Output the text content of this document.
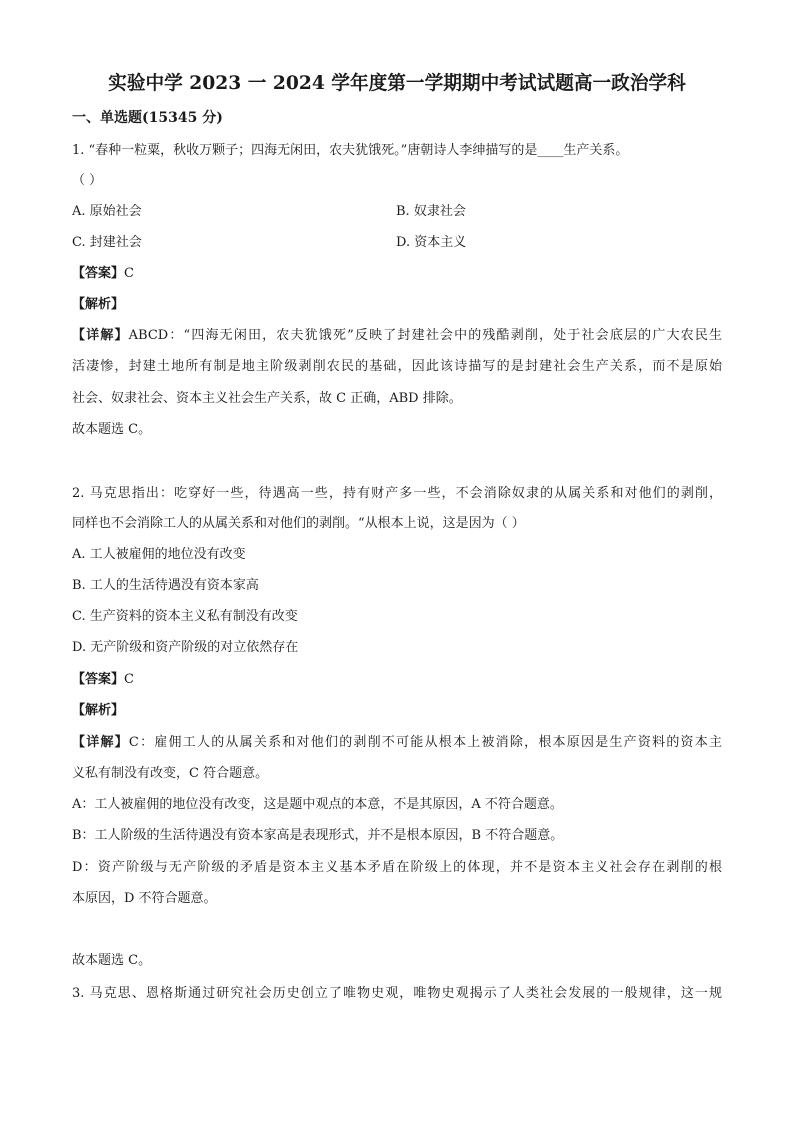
实验中学 2023 一 2024 学年度第一学期期中考试试题高一政治学科
一、单选题(15345 分)
1. “春种一粒粟，秋收万颗子；四海无闲田，农夫犹饿死。”唐朝诗人李绅描写的是____生产关系。
（ ）
A. 原始社会	B. 奴隶社会
C. 封建社会	D. 资本主义
【答案】C
【解析】
【详解】ABCD：“四海无闲田，农夫犹饿死”反映了封建社会中的残酷剥削，处于社会底层的广大农民生
活凄惨，封建土地所有制是地主阶级剥削农民的基础，因此该诗描写的是封建社会生产关系，而不是原始
社会、奴隶社会、资本主义社会生产关系，故 C 正确，ABD 排除。
故本题选 C。
2. 马克思指出：吃穿好一些，待遇高一些，持有财产多一些，不会消除奴隶的从属关系和对他们的剥削，
同样也不会消除工人的从属关系和对他们的剥削。“从根本上说，这是因为（ ）
A. 工人被雇佣的地位没有改变
B. 工人的生活待遇没有资本家高
C. 生产资料的资本主义私有制没有改变
D. 无产阶级和资产阶级的对立依然存在
【答案】C
【解析】
【详解】C：雇佣工人的从属关系和对他们的剥削不可能从根本上被消除，根本原因是生产资料的资本主
义私有制没有改变，C 符合题意。
A：工人被雇佣的地位没有改变，这是题中观点的本意，不是其原因，A 不符合题意。
B：工人阶级的生活待遇没有资本家高是表现形式，并不是根本原因，B 不符合题意。
D：资产阶级与无产阶级的矛盾是资本主义基本矛盾在阶级上的体现，并不是资本主义社会存在剥削的根
本原因，D 不符合题意。
故本题选 C。
3. 马克思、恩格斯通过研究社会历史创立了唯物史观，唯物史观揭示了人类社会发展的一般规律，这一规
